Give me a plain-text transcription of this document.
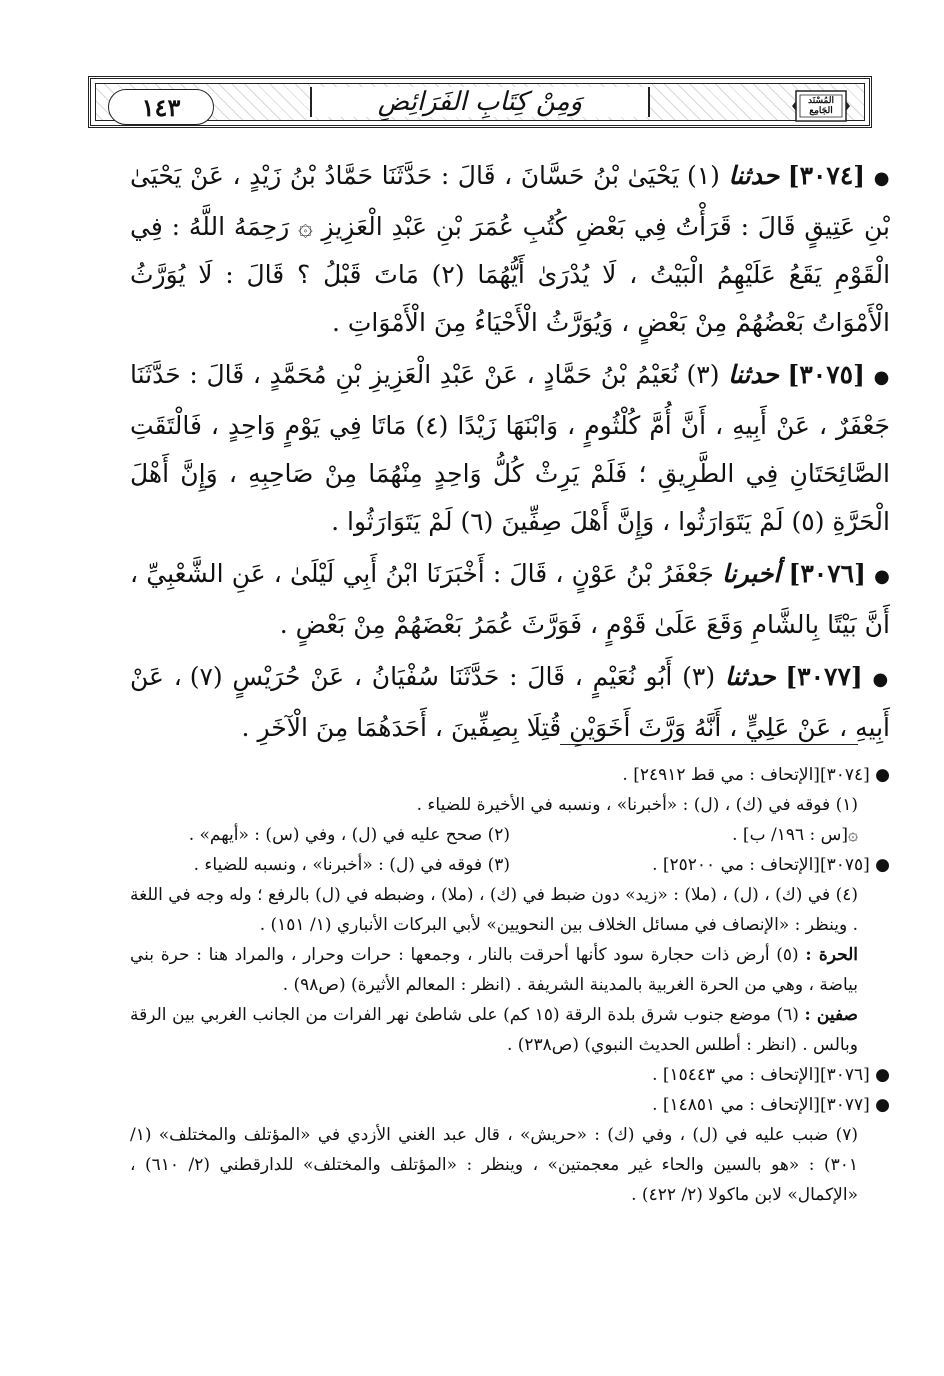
١٤٣	وَمِنْ كِتَابِ الفَرَائِضِ	المُسْنَد الجَامِع

● [٣٠٧٤] حدثنا (١) يَحْيَىٰ بْنُ حَسَّانَ ، قَالَ : حَدَّثَنَا حَمَّادُ بْنُ زَيْدٍ ، عَنْ يَحْيَىٰ بْنِ عَتِيقٍ قَالَ : قَرَأْتُ فِي بَعْضِ كُتُبِ عُمَرَ بْنِ عَبْدِ الْعَزِيزِ ۞ رَحِمَهُ اللَّهُ : فِي الْقَوْمِ يَقَعُ عَلَيْهِمُ الْبَيْتُ ، لَا يُدْرَىٰ أَيُّهُمَا (٢) مَاتَ قَبْلُ ؟ قَالَ : لَا يُوَرَّثُ الْأَمْوَاتُ بَعْضُهُمْ مِنْ بَعْضٍ ، وَيُوَرَّثُ الْأَحْيَاءُ مِنَ الْأَمْوَاتِ .

● [٣٠٧٥] حدثنا (٣) نُعَيْمُ بْنُ حَمَّادٍ ، عَنْ عَبْدِ الْعَزِيزِ بْنِ مُحَمَّدٍ ، قَالَ : حَدَّثَنَا جَعْفَرٌ ، عَنْ أَبِيهِ ، أَنَّ أُمَّ كُلْثُومٍ ، وَابْنَهَا زَيْدًا (٤) مَاتَا فِي يَوْمٍ وَاحِدٍ ، فَالْتَقَتِ الصَّائِحَتَانِ فِي الطَّرِيقِ ؛ فَلَمْ يَرِثْ كُلُّ وَاحِدٍ مِنْهُمَا مِنْ صَاحِبِهِ ، وَإِنَّ أَهْلَ الْحَرَّةِ (٥) لَمْ يَتَوَارَثُوا ، وَإِنَّ أَهْلَ صِفِّينَ (٦) لَمْ يَتَوَارَثُوا .

● [٣٠٧٦] أخبرنا جَعْفَرُ بْنُ عَوْنٍ ، قَالَ : أَخْبَرَنَا ابْنُ أَبِي لَيْلَىٰ ، عَنِ الشَّعْبِيِّ ، أَنَّ بَيْتًا بِالشَّامِ وَقَعَ عَلَىٰ قَوْمٍ ، فَوَرَّثَ عُمَرُ بَعْضَهُمْ مِنْ بَعْضٍ .

● [٣٠٧٧] حدثنا (٣) أَبُو نُعَيْمٍ ، قَالَ : حَدَّثَنَا سُفْيَانُ ، عَنْ حُرَيْسٍ (٧) ، عَنْ أَبِيهِ ، عَنْ عَلِيٍّ ، أَنَّهُ وَرَّثَ أَخَوَيْنِ قُتِلَا بِصِفِّينَ ، أَحَدَهُمَا مِنَ الْآخَرِ .

● [٣٠٧٤][الإتحاف : مي قط ٢٤٩١٢] .

(١) فوقه في (ك) ، (ل) : «أخبرنا» ، ونسبه في الأخيرة للضياء .

۞[س : ١٩٦/ ب] .
(٢) صحح عليه في (ل) ، وفي (س) : «أيهم» .
● [٣٠٧٥][الإتحاف : مي ٢٥٢٠٠] .
(٣) فوقه في (ل) : «أخبرنا» ، ونسبه للضياء .

(٤) في (ك) ، (ل) ، (ملا) : «زيد» دون ضبط في (ك) ، (ملا) ، وضبطه في (ل) بالرفع ؛ وله وجه في اللغة . وينظر : «الإنصاف في مسائل الخلاف بين النحويين» لأبي البركات الأنباري (١/ ١٥١) .

الحرة : (٥) أرض ذات حجارة سود كأنها أحرقت بالنار ، وجمعها : حرات وحرار ، والمراد هنا : حرة بني بياضة ، وهي من الحرة الغربية بالمدينة الشريفة . (انظر : المعالم الأثيرة) (ص٩٨) .

صفين : (٦) موضع جنوب شرق بلدة الرقة (١٥ كم) على شاطئ نهر الفرات من الجانب الغربي بين الرقة وبالس . (انظر : أطلس الحديث النبوي) (ص٢٣٨) .

● [٣٠٧٦][الإتحاف : مي ١٥٤٤٣] .

● [٣٠٧٧][الإتحاف : مي ١٤٨٥١] .

(٧) ضبب عليه في (ل) ، وفي (ك) : «حريش» ، قال عبد الغني الأزدي في «المؤتلف والمختلف» (١/ ٣٠١) : «هو بالسين والحاء غير معجمتين» ، وينظر : «المؤتلف والمختلف» للدارقطني (٢/ ٦١٠) ، «الإكمال» لابن ماكولا (٢/ ٤٢٢) .
